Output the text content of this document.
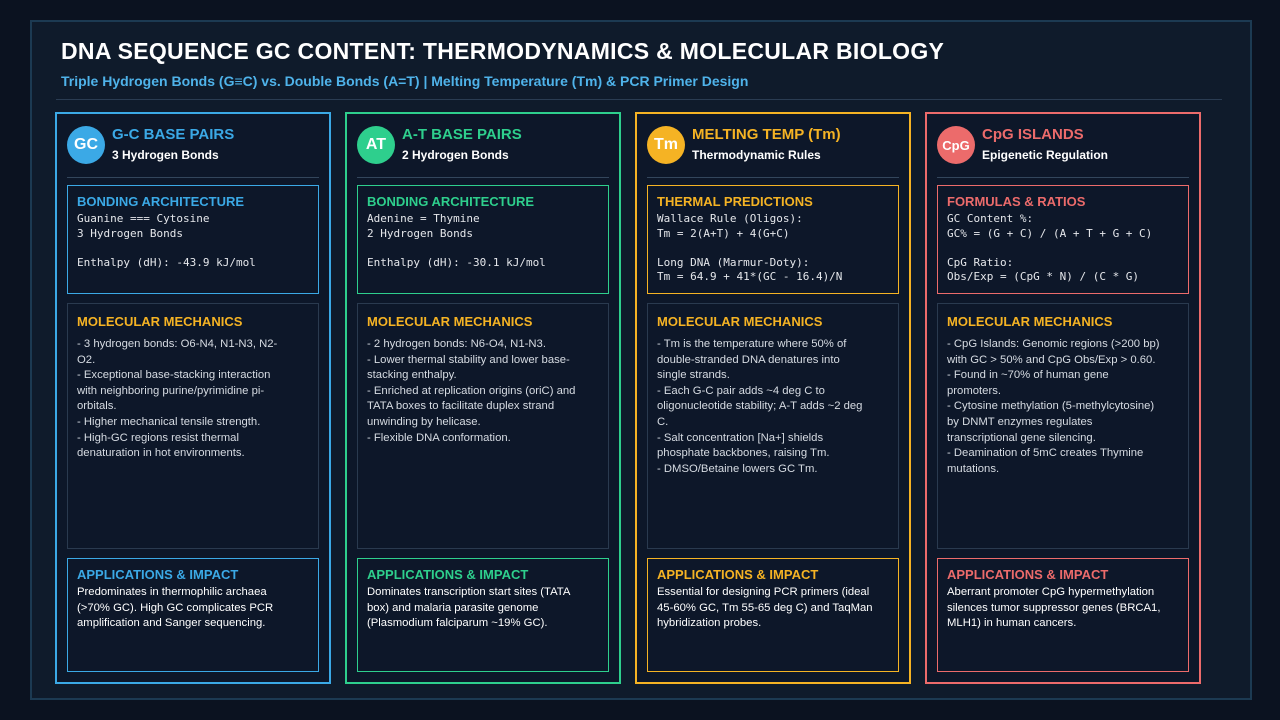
DNA SEQUENCE GC CONTENT: THERMODYNAMICS & MOLECULAR BIOLOGY
Triple Hydrogen Bonds (G≡C) vs. Double Bonds (A=T) | Melting Temperature (Tm) & PCR Primer Design
GC
G-C BASE PAIRS
3 Hydrogen Bonds
BONDING ARCHITECTURE
Guanine === Cytosine
3 Hydrogen Bonds

Enthalpy (dH): -43.9 kJ/mol
MOLECULAR MECHANICS
- 3 hydrogen bonds: O6-N4, N1-N3, N2-
O2.
- Exceptional base-stacking interaction
with neighboring purine/pyrimidine pi-
orbitals.
- Higher mechanical tensile strength.
- High-GC regions resist thermal
denaturation in hot environments.
APPLICATIONS & IMPACT
Predominates in thermophilic archaea
(>70% GC). High GC complicates PCR
amplification and Sanger sequencing.
AT
A-T BASE PAIRS
2 Hydrogen Bonds
BONDING ARCHITECTURE
Adenine = Thymine
2 Hydrogen Bonds

Enthalpy (dH): -30.1 kJ/mol
MOLECULAR MECHANICS
- 2 hydrogen bonds: N6-O4, N1-N3.
- Lower thermal stability and lower base-
stacking enthalpy.
- Enriched at replication origins (oriC) and
TATA boxes to facilitate duplex strand
unwinding by helicase.
- Flexible DNA conformation.
APPLICATIONS & IMPACT
Dominates transcription start sites (TATA
box) and malaria parasite genome
(Plasmodium falciparum ~19% GC).
Tm
MELTING TEMP (Tm)
Thermodynamic Rules
THERMAL PREDICTIONS
Wallace Rule (Oligos):
Tm = 2(A+T) + 4(G+C)

Long DNA (Marmur-Doty):
Tm = 64.9 + 41*(GC - 16.4)/N
MOLECULAR MECHANICS
- Tm is the temperature where 50% of
double-stranded DNA denatures into
single strands.
- Each G-C pair adds ~4 deg C to
oligonucleotide stability; A-T adds ~2 deg
C.
- Salt concentration [Na+] shields
phosphate backbones, raising Tm.
- DMSO/Betaine lowers GC Tm.
APPLICATIONS & IMPACT
Essential for designing PCR primers (ideal
45-60% GC, Tm 55-65 deg C) and TaqMan
hybridization probes.
CpG
CpG ISLANDS
Epigenetic Regulation
FORMULAS & RATIOS
GC Content %:
GC% = (G + C) / (A + T + G + C)

CpG Ratio:
Obs/Exp = (CpG * N) / (C * G)
MOLECULAR MECHANICS
- CpG Islands: Genomic regions (>200 bp)
with GC > 50% and CpG Obs/Exp > 0.60.
- Found in ~70% of human gene
promoters.
- Cytosine methylation (5-methylcytosine)
by DNMT enzymes regulates
transcriptional gene silencing.
- Deamination of 5mC creates Thymine
mutations.
APPLICATIONS & IMPACT
Aberrant promoter CpG hypermethylation
silences tumor suppressor genes (BRCA1,
MLH1) in human cancers.
